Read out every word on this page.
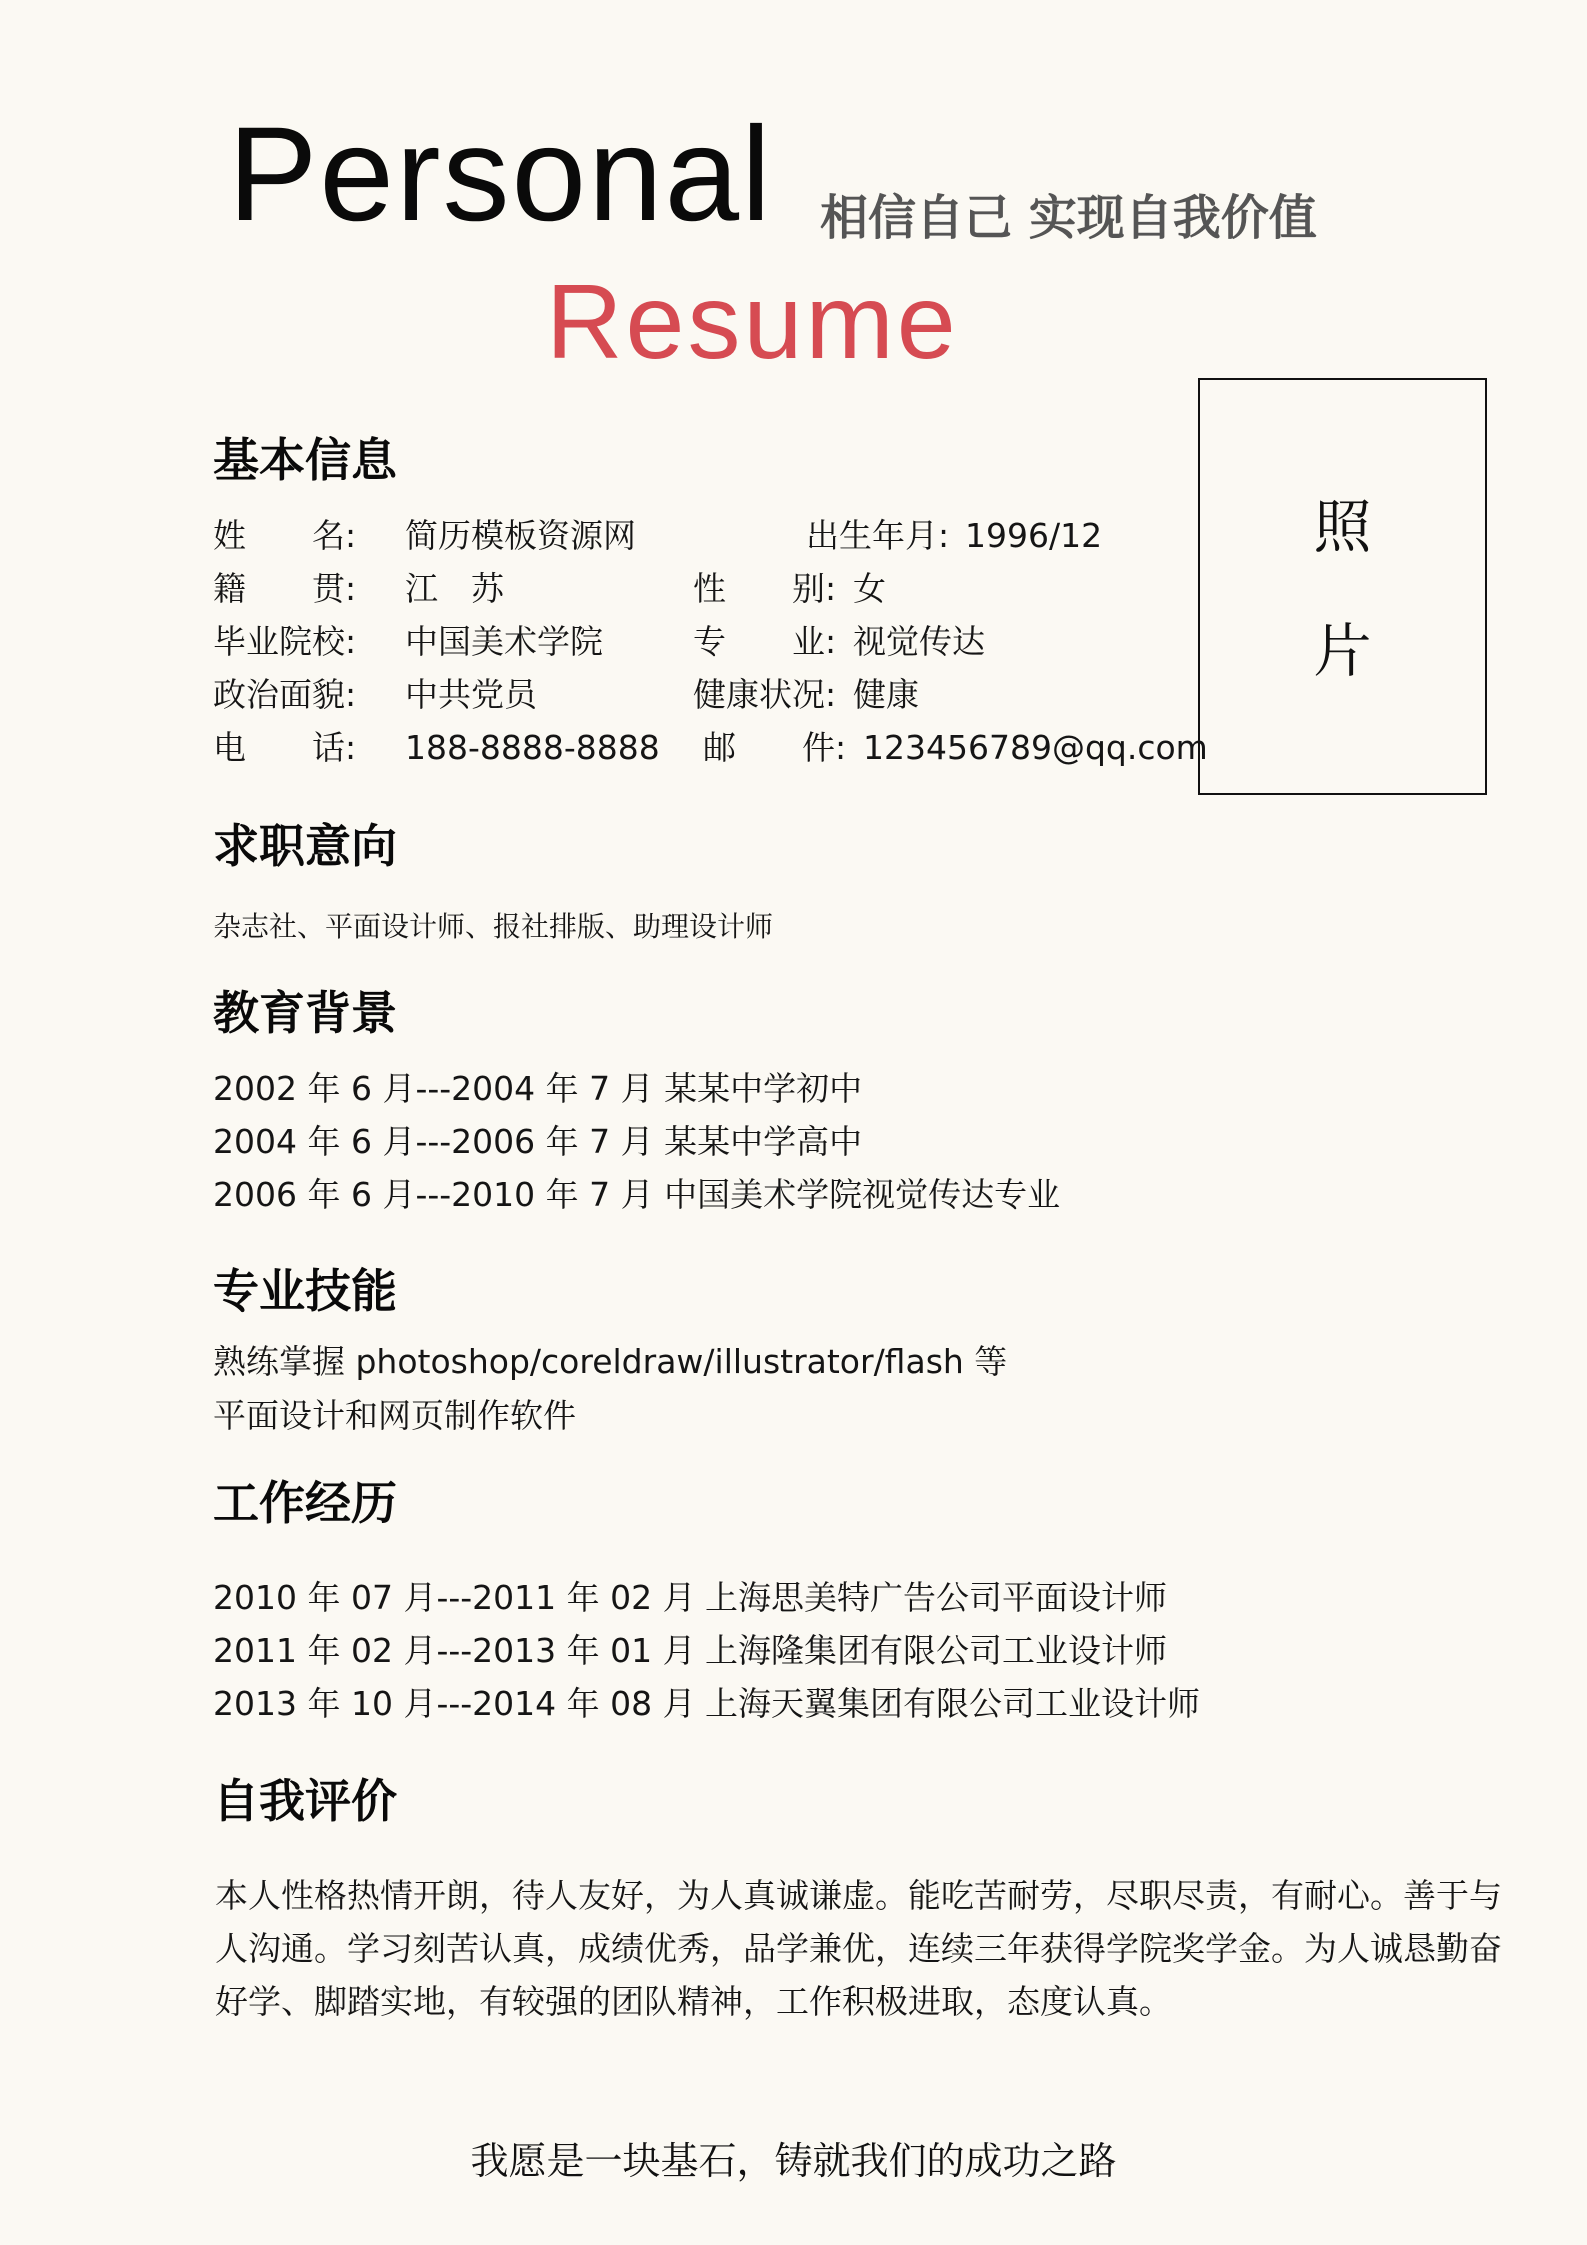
Personal 相信自己 实现自我价值
Resume
照
片
基本信息
姓　　名: 简历模板资源网	出生年月: 1996/12
籍　　贯: 江　苏	性　　别: 女
毕业院校: 中国美术学院	专　　业: 视觉传达
政治面貌: 中共党员	健康状况: 健康
电　　话: 188-8888-8888 邮　　件: 123456789@qq.com
求职意向
杂志社、平面设计师、报社排版、助理设计师
教育背景
2002 年 6 月---2004 年 7 月 某某中学初中
2004 年 6 月---2006 年 7 月 某某中学高中
2006 年 6 月---2010 年 7 月 中国美术学院视觉传达专业
专业技能
熟练掌握 photoshop/coreldraw/illustrator/flash 等
平面设计和网页制作软件
工作经历
2010 年 07 月---2011 年 02 月 上海思美特广告公司平面设计师
2011 年 02 月---2013 年 01 月 上海隆集团有限公司工业设计师
2013 年 10 月---2014 年 08 月 上海天翼集团有限公司工业设计师
自我评价
本人性格热情开朗，待人友好，为人真诚谦虚。能吃苦耐劳，尽职尽责，有耐心。善于与
人沟通。学习刻苦认真，成绩优秀，品学兼优，连续三年获得学院奖学金。为人诚恳勤奋
好学、脚踏实地，有较强的团队精神，工作积极进取，态度认真。
我愿是一块基石，铸就我们的成功之路
